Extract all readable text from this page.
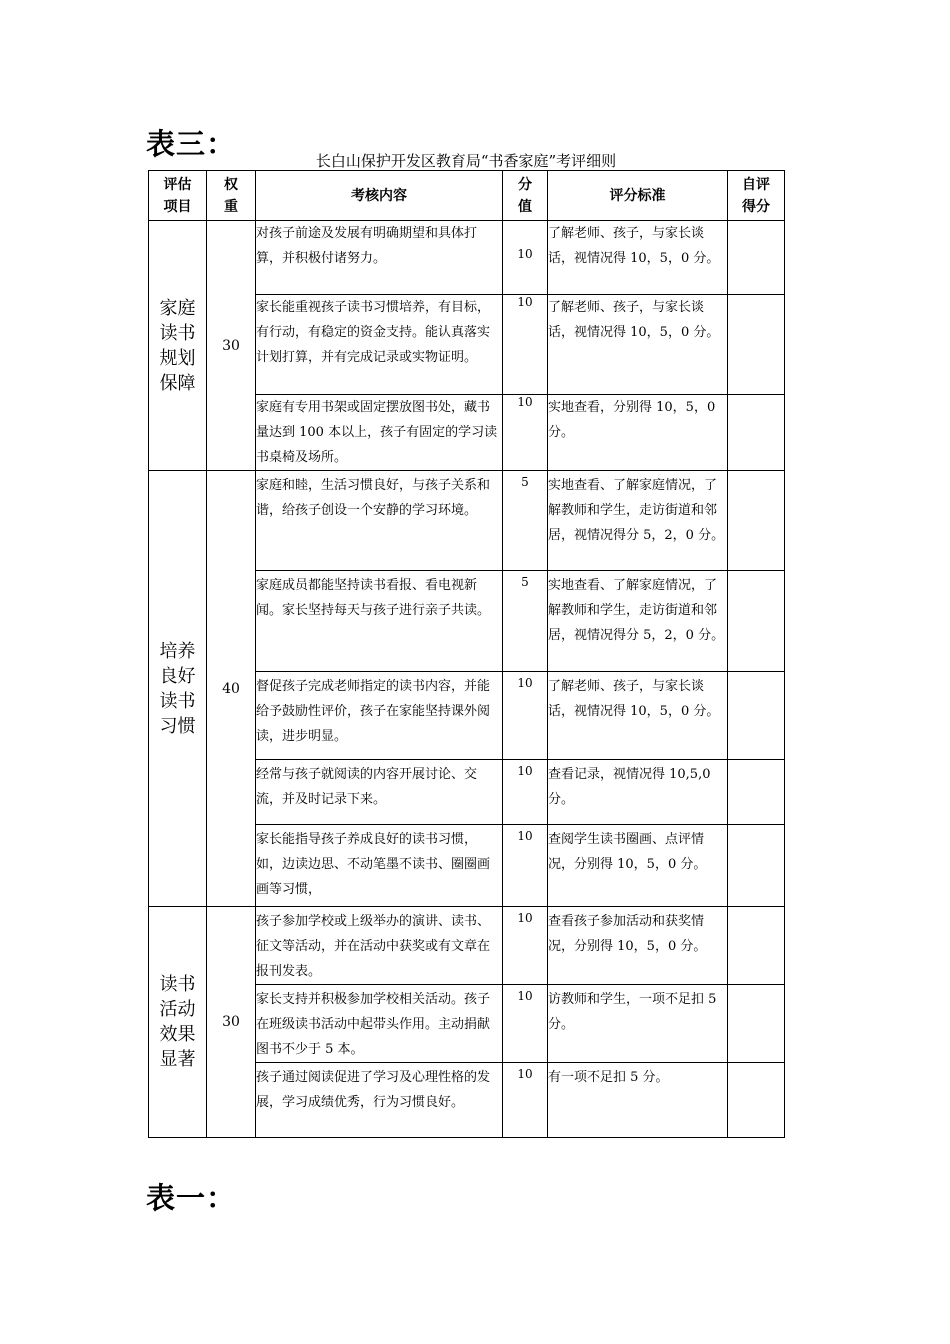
表三：	长白山保护开发区教育局“书香家庭”考评细则
评估项目	权重	考核内容	分值	评分标准	自评得分
家庭读书规划保障	30	对孩子前途及发展有明确期望和具体打算，并积极付诸努力。	10	了解老师、孩子，与家长谈话，视情况得 10，5，0 分。	
		家长能重视孩子读书习惯培养，有目标，有行动，有稳定的资金支持。能认真落实计划打算，并有完成记录或实物证明。	10	了解老师、孩子，与家长谈话，视情况得 10，5，0 分。	
		家庭有专用书架或固定摆放图书处，藏书量达到 100 本以上，孩子有固定的学习读书桌椅及场所。	10	实地查看，分别得 10，5，0 分。	
培养良好读书习惯	40	家庭和睦，生活习惯良好，与孩子关系和谐，给孩子创设一个安静的学习环境。	5	实地查看、了解家庭情况，了解教师和学生，走访街道和邻居，视情况得分 5，2，0 分。	
		家庭成员都能坚持读书看报、看电视新闻。家长坚持每天与孩子进行亲子共读。	5	实地查看、了解家庭情况，了解教师和学生，走访街道和邻居，视情况得分 5，2，0 分。	
		督促孩子完成老师指定的读书内容，并能给予鼓励性评价，孩子在家能坚持课外阅读，进步明显。	10	了解老师、孩子，与家长谈话，视情况得 10，5，0 分。	
		经常与孩子就阅读的内容开展讨论、交流，并及时记录下来。	10	查看记录，视情况得 10,5,0 分。	
		家长能指导孩子养成良好的读书习惯，如，边读边思、不动笔墨不读书、圈圈画画等习惯，	10	查阅学生读书圈画、点评情况，分别得 10，5，0 分。	
读书活动效果显著	30	孩子参加学校或上级举办的演讲、读书、征文等活动，并在活动中获奖或有文章在报刊发表。	10	查看孩子参加活动和获奖情况，分别得 10，5，0 分。	
		家长支持并积极参加学校相关活动。孩子在班级读书活动中起带头作用。主动捐献图书不少于 5 本。	10	访教师和学生，一项不足扣 5 分。	
		孩子通过阅读促进了学习及心理性格的发展，学习成绩优秀，行为习惯良好。	10	有一项不足扣 5 分。	
表一：
